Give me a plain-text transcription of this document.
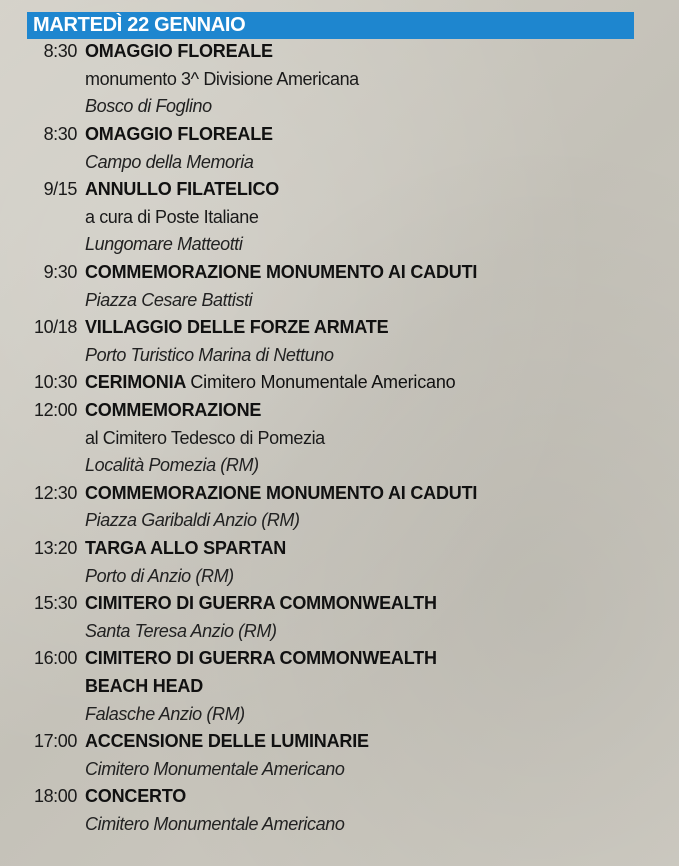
MARTEDÌ 22 GENNAIO
8:30 OMAGGIO FLOREALE
monumento 3^ Divisione Americana
Bosco di Foglino
8:30 OMAGGIO FLOREALE
Campo della Memoria
9/15 ANNULLO FILATELICO
a cura di Poste Italiane
Lungomare Matteotti
9:30 COMMEMORAZIONE MONUMENTO AI CADUTI
Piazza Cesare Battisti
10/18 VILLAGGIO DELLE FORZE ARMATE
Porto Turistico Marina di Nettuno
10:30 CERIMONIA Cimitero Monumentale Americano
12:00 COMMEMORAZIONE
al Cimitero Tedesco di Pomezia
Località Pomezia (RM)
12:30 COMMEMORAZIONE MONUMENTO AI CADUTI
Piazza Garibaldi Anzio (RM)
13:20 TARGA ALLO SPARTAN
Porto di Anzio (RM)
15:30 CIMITERO DI GUERRA COMMONWEALTH
Santa Teresa Anzio (RM)
16:00 CIMITERO DI GUERRA COMMONWEALTH
BEACH HEAD
Falasche Anzio (RM)
17:00 ACCENSIONE DELLE LUMINARIE
Cimitero Monumentale Americano
18:00 CONCERTO
Cimitero Monumentale Americano
